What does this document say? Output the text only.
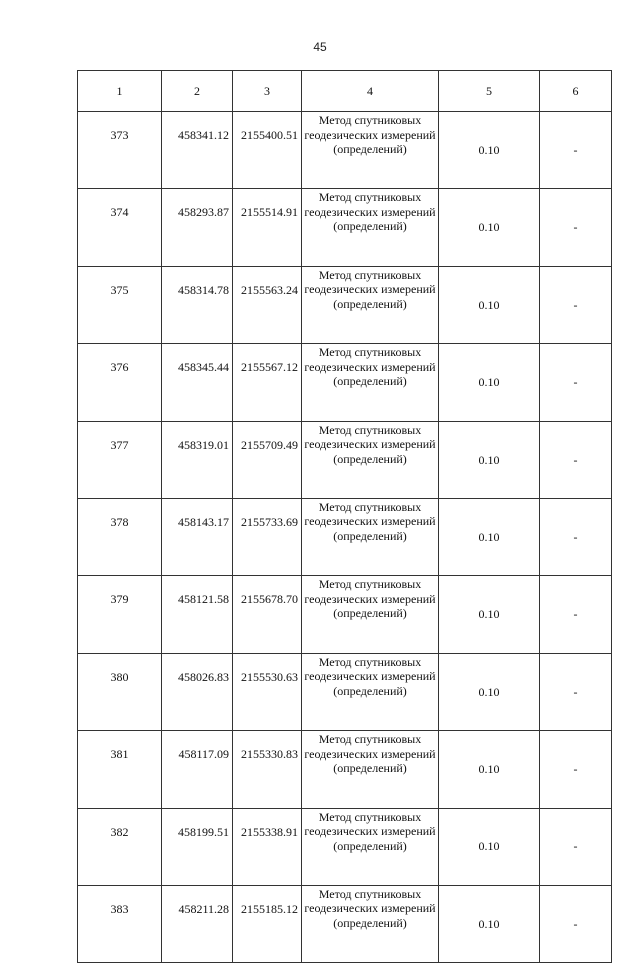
45
1	2	3	4	5	6
373	458341.12	2155400.51	Метод спутниковых геодезических измерений (определений)	0.10	-
374	458293.87	2155514.91	Метод спутниковых геодезических измерений (определений)	0.10	-
375	458314.78	2155563.24	Метод спутниковых геодезических измерений (определений)	0.10	-
376	458345.44	2155567.12	Метод спутниковых геодезических измерений (определений)	0.10	-
377	458319.01	2155709.49	Метод спутниковых геодезических измерений (определений)	0.10	-
378	458143.17	2155733.69	Метод спутниковых геодезических измерений (определений)	0.10	-
379	458121.58	2155678.70	Метод спутниковых геодезических измерений (определений)	0.10	-
380	458026.83	2155530.63	Метод спутниковых геодезических измерений (определений)	0.10	-
381	458117.09	2155330.83	Метод спутниковых геодезических измерений (определений)	0.10	-
382	458199.51	2155338.91	Метод спутниковых геодезических измерений (определений)	0.10	-
383	458211.28	2155185.12	Метод спутниковых геодезических измерений (определений)	0.10	-
